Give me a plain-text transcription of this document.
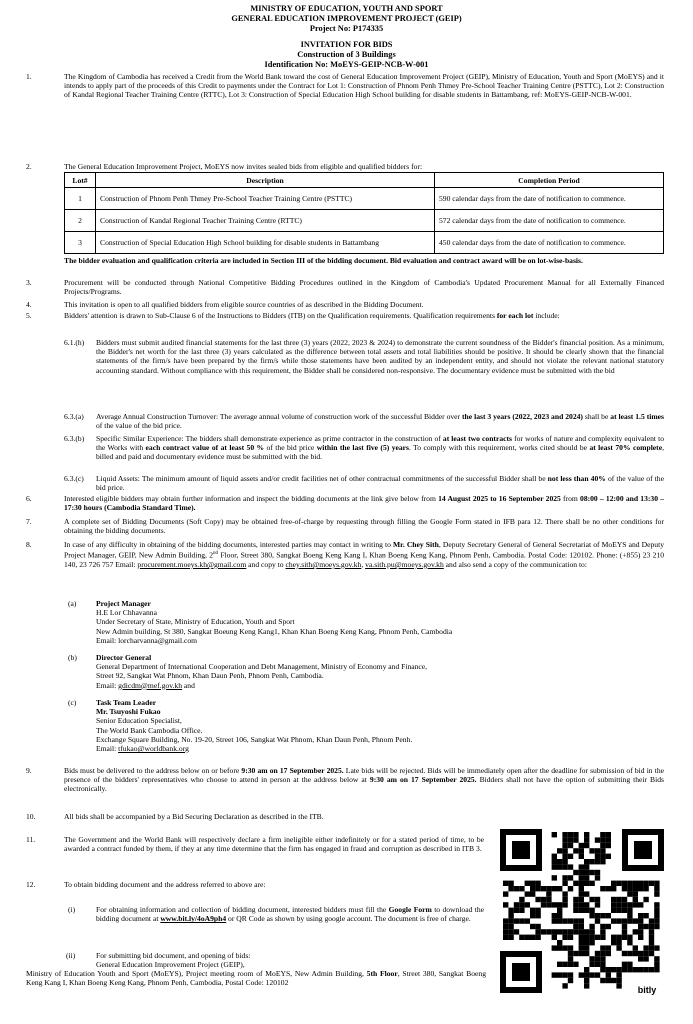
MINISTRY OF EDUCATION, YOUTH AND SPORT
GENERAL EDUCATION IMPROVEMENT PROJECT (GEIP)
Project No: P174335
INVITATION FOR BIDS
Construction of 3 Buildings
Identification No: MoEYS-GEIP-NCB-W-001
1.	The Kingdom of Cambodia has received a Credit from the World Bank toward the cost of General Education Improvement Project (GEIP), Ministry of Education, Youth and Sport (MoEYS) and it intends to apply part of the proceeds of this Credit to payments under the Contract for Lot 1: Construction of Phnom Penh Thmey Pre-School Teacher Training Centre (PSTTC), Lot 2: Construction of Kandal Regional Teacher Training Centre (RTTC), Lot 3: Construction of Special Education High School building for disable students in Battambang, ref: MoEYS-GEIP-NCB-W-001.
2.	The General Education Improvement Project, MoEYS now invites sealed bids from eligible and qualified bidders for:
Lot#	Description	Completion Period
1	Construction of Phnom Penh Thmey Pre-School Teacher Training Centre (PSTTC)	590 calendar days from the date of notification to commence.
2	Construction of Kandal Regional Teacher Training Centre (RTTC)	572 calendar days from the date of notification to commence.
3	Construction of Special Education High School building for disable students in Battambang	450 calendar days from the date of notification to commence.
The bidder evaluation and qualification criteria are included in Section III of the bidding document. Bid evaluation and contract award will be on lot-wise-basis.
3.	Procurement will be conducted through National Competitive Bidding Procedures outlined in the Kingdom of Cambodia's Updated Procurement Manual for all Externally Financed Projects/Programs.
4.	This invitation is open to all qualified bidders from eligible source countries of as described in the Bidding Document.
5.	Bidders' attention is drawn to Sub-Clause 6 of the Instructions to Bidders (ITB) on the Qualification requirements. Qualification requirements for each lot include:
6.1.(h) Bidders must submit audited financial statements for the last three (3) years (2022, 2023 & 2024) to demonstrate the current soundness of the Bidder's financial position. As a minimum, the Bidder's net worth for the last three (3) years calculated as the difference between total assets and total liabilities should be positive. It should be clearly shown that the financial statements of the firm/s have been prepared by the firm/s while those statements have been audited by an independent entity, and should not violate the relevant national statutory accounting standard. Without compliance with this requirement, the Bidder shall be considered non-responsive. The documentary evidence must be submitted with the bid
6.3.(a) Average Annual Construction Turnover: The average annual volume of construction work of the successful Bidder over the last 3 years (2022, 2023 and 2024) shall be at least 1.5 times of the value of the bid price.
6.3.(b) Specific Similar Experience: The bidders shall demonstrate experience as prime contractor in the construction of at least two contracts for works of nature and complexity equivalent to the Works with each contract value of at least 50 % of the bid price within the last five (5) years. To comply with this requirement, works cited should be at least 70% complete, billed and paid and documentary evidence must be submitted with the bid.
6.3.(c) Liquid Assets: The minimum amount of liquid assets and/or credit facilities net of other contractual commitments of the successful Bidder shall be not less than 40% of the value of the bid price.
6.	Interested eligible bidders may obtain further information and inspect the bidding documents at the link give below from 14 August 2025 to 16 September 2025 from 08:00 – 12:00 and 13:30 – 17:30 hours (Cambodia Standard Time).
7.	A complete set of Bidding Documents (Soft Copy) may be obtained free-of-charge by requesting through filling the Google Form stated in IFB para 12. There shall be no other conditions for obtaining the bidding documents.
8.	In case of any difficulty in obtaining of the bidding documents, interested parties may contact in writing to Mr. Chey Sith, Deputy Secretary General of General Secretariat of MoEYS and Deputy Project Manager, GEIP, New Admin Building, 2nd Floor, Street 380, Sangkat Boeng Keng Kang I, Khan Boeng Keng Kang, Phnom Penh, Cambodia. Postal Code: 120102. Phone: (+855) 23 210 140, 23 726 757 Email: procurement.moeys.kh@gmail.com and copy to chey.sith@moeys.gov.kh, va.sith.pu@moeys.gov.kh and also send a copy of the communication to:
(a)	Project Manager
H.E Lor Chhavanna
Under Secretary of State, Ministry of Education, Youth and Sport
New Admin building, St 380, Sangkat Boeung Keng Kang1, Khan Khan Boeng Keng Kang, Phnom Penh, Cambodia
Email: lorcharvanna@gmail.com
(b)	Director General
General Department of International Cooperation and Debt Management, Ministry of Economy and Finance,
Street 92, Sangkat Wat Phnom, Khan Daun Penh, Phnom Penh, Cambodia.
Email: gdicdm@mef.gov.kh and
(c)	Task Team Leader
Mr. Tsuyoshi Fukao
Senior Education Specialist,
The World Bank Cambodia Office.
Exchange Square Building, No. 19-20, Street 106, Sangkat Wat Phnom, Khan Daun Penh, Phnom Penh.
Email: tfukao@worldbank.org
9.	Bids must be delivered to the address below on or before 9:30 am on 17 September 2025. Late bids will be rejected. Bids will be immediately open after the deadline for submission of bid in the presence of the bidders' representatives who choose to attend in person at the address below at 9:30 am on 17 September 2025. Bidders shall not have the option of submitting their Bids electronically.
10.	All bids shall be accompanied by a Bid Securing Declaration as described in the ITB.
11.	The Government and the World Bank will respectively declare a firm ineligible either indefinitely or for a stated period of time, to be awarded a contract funded by them, if they at any time determine that the firm has engaged in fraud and corruption as described in ITB 3.
12.	To obtain bidding document and the address referred to above are:
(i)	For obtaining information and collection of bidding document, interested bidders must fill the Google Form to download the bidding document at www.bit.ly/4oA9ph4 or QR Code as shown by using google account. The document is free of charge.
(ii)	For submitting bid document, and opening of bids:
General Education Improvement Project (GEIP),
Ministry of Education Youth and Sport (MoEYS), Project meeting room of MoEYS, New Admin Building, 5th Floor, Street 380, Sangkat Boeng Keng Kang I, Khan Boeng Keng Kang, Phnom Penh, Cambodia, Postal Code: 120102
bitly
